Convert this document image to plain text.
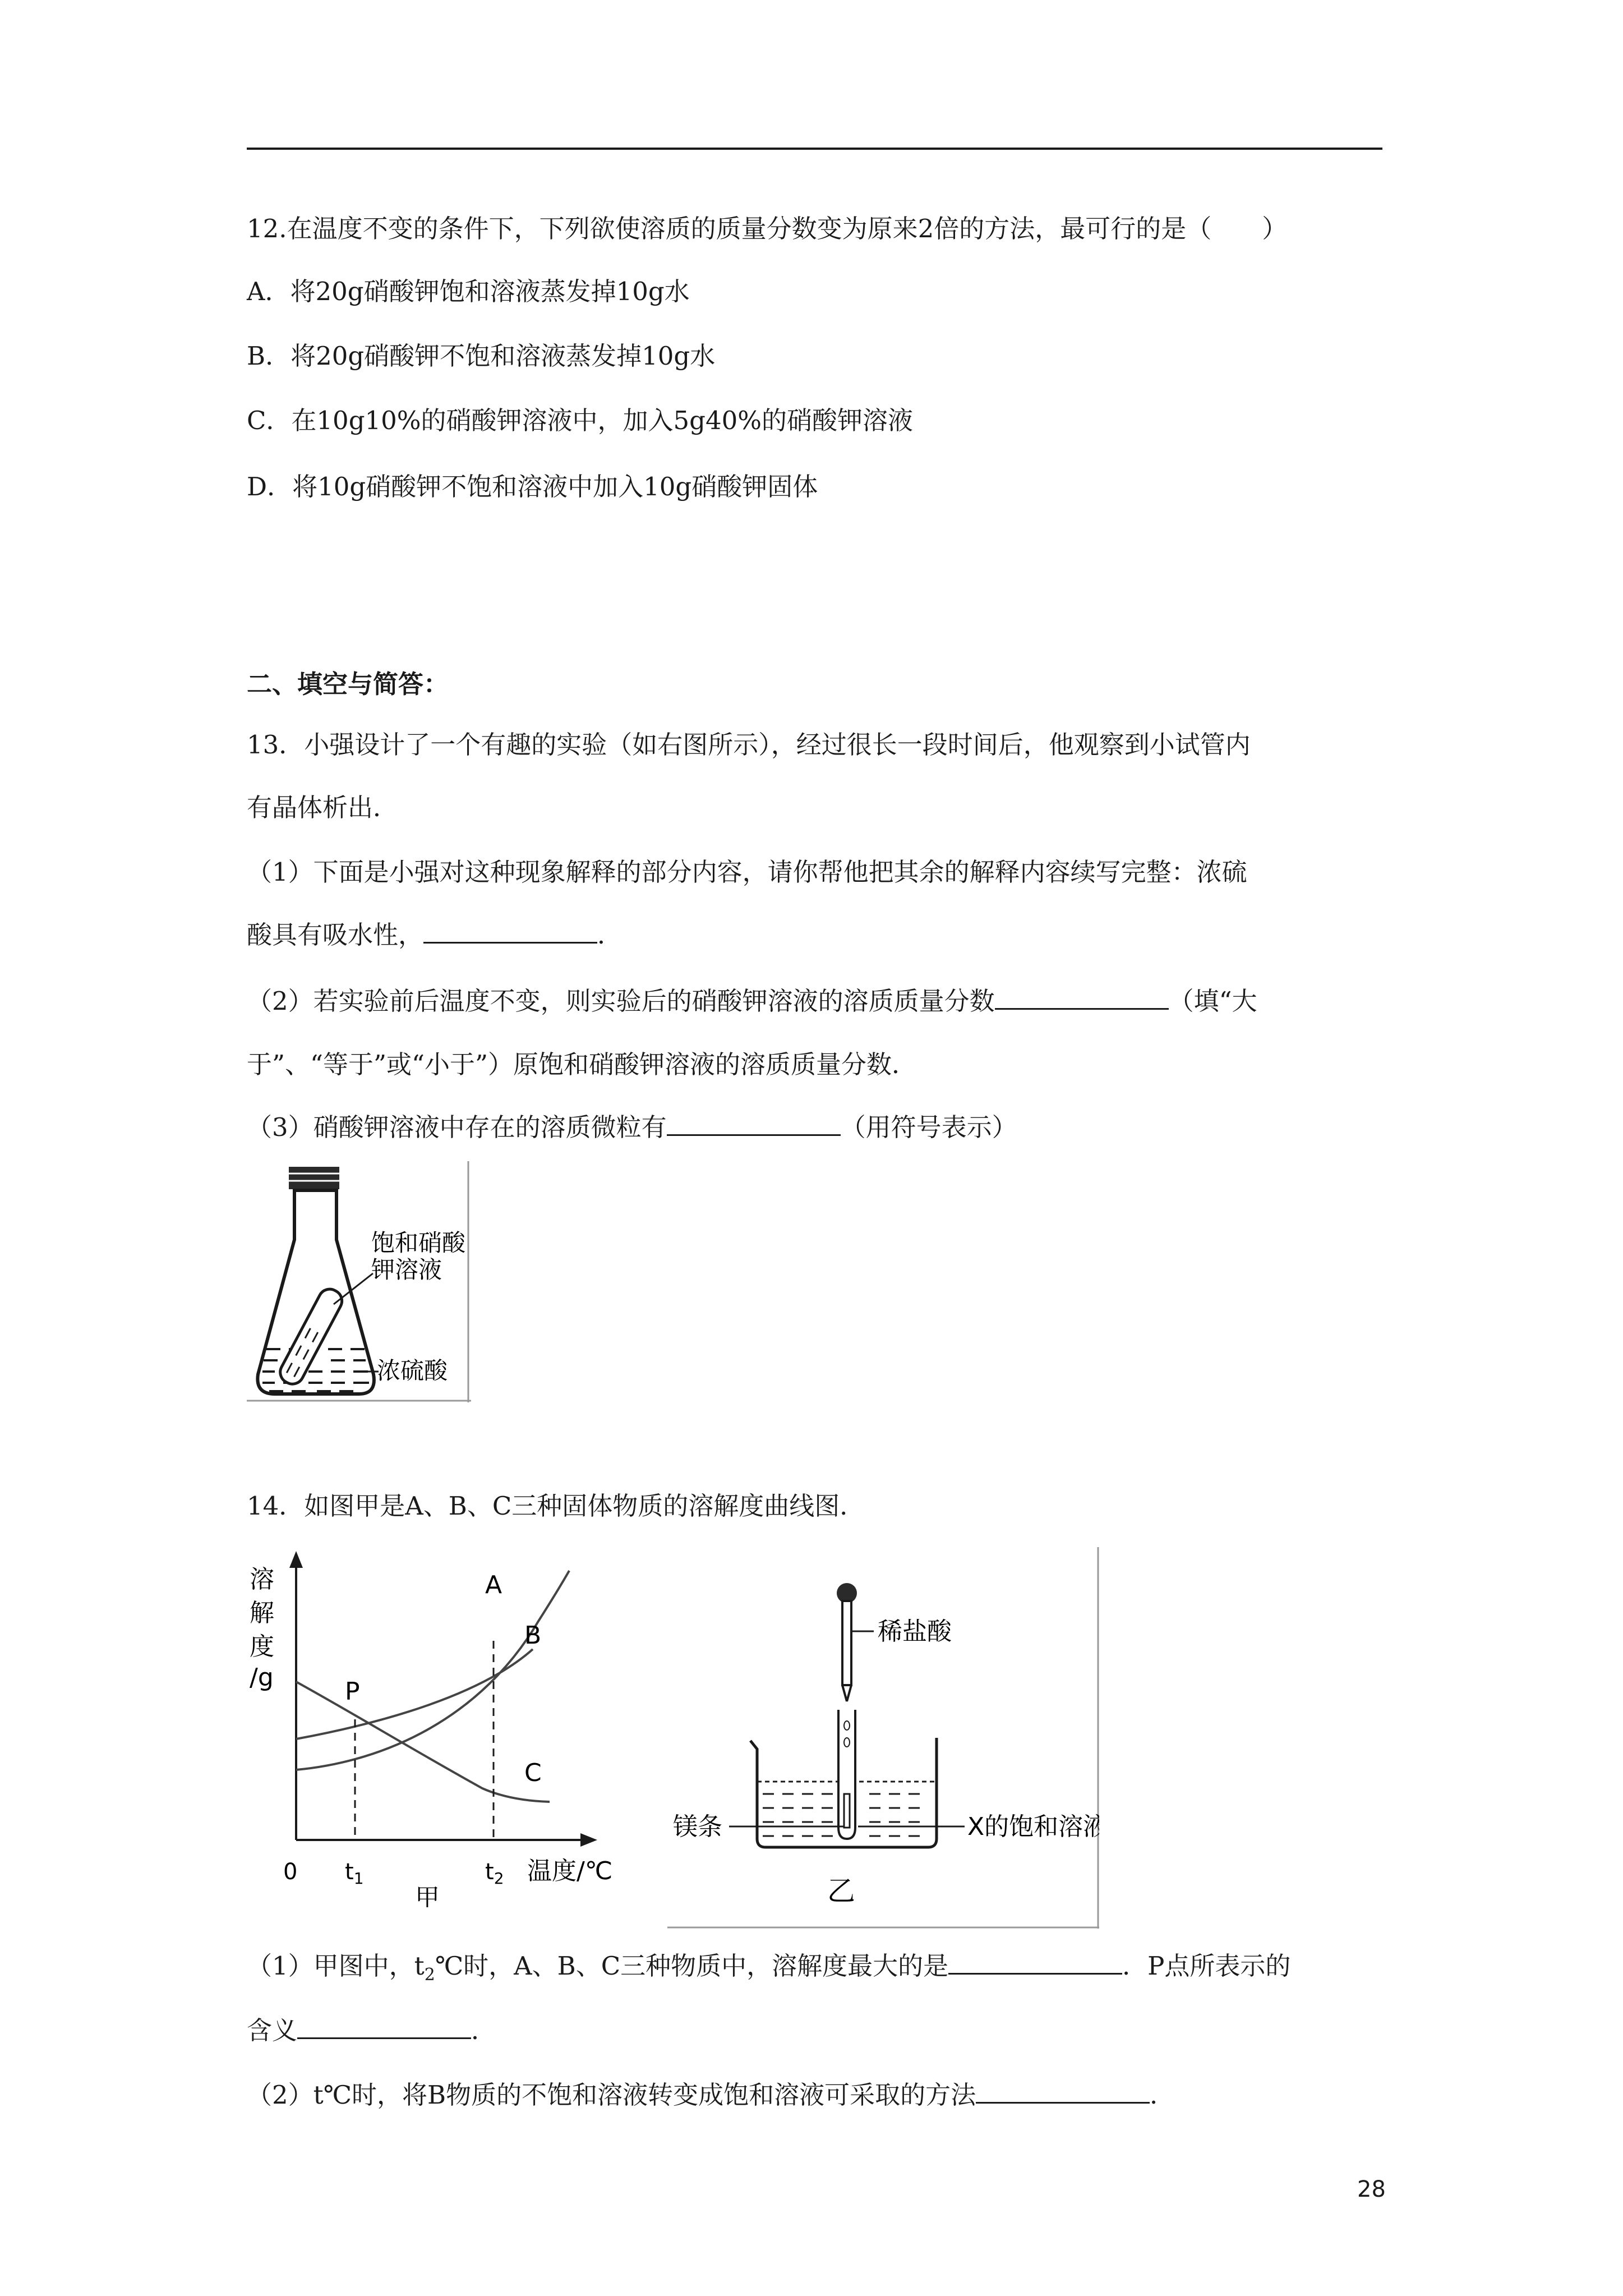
12.在温度不变的条件下，下列欲使溶质的质量分数变为原来2倍的方法，最可行的是（　　）
A．将20g硝酸钾饱和溶液蒸发掉10g水
B．将20g硝酸钾不饱和溶液蒸发掉10g水
C．在10g10%的硝酸钾溶液中，加入5g40%的硝酸钾溶液
D．将10g硝酸钾不饱和溶液中加入10g硝酸钾固体
二、填空与简答：
13．小强设计了一个有趣的实验（如右图所示），经过很长一段时间后，他观察到小试管内
有晶体析出．
（1）下面是小强对这种现象解释的部分内容，请你帮他把其余的解释内容续写完整：浓硫
酸具有吸水性，	．
（2）若实验前后温度不变，则实验后的硝酸钾溶液的溶质质量分数	（填“大
于”、“等于”或“小于”）原饱和硝酸钾溶液的溶质质量分数．
（3）硝酸钾溶液中存在的溶质微粒有	（用符号表示）
饱和硝酸
钾溶液
浓硫酸
14．如图甲是A、B、C三种固体物质的溶解度曲线图．
溶
解
度
/g	P
A
B
C
0 $t_1$	$t_2$ 温度/℃
甲
稀盐酸
镁条	X的饱和溶液
乙
（1）甲图中，$t_2℃$时，A、B、C三种物质中，溶解度最大的是	．P点所表示的
含义	．
（2）t℃时，将B物质的不饱和溶液转变成饱和溶液可采取的方法	．
28
